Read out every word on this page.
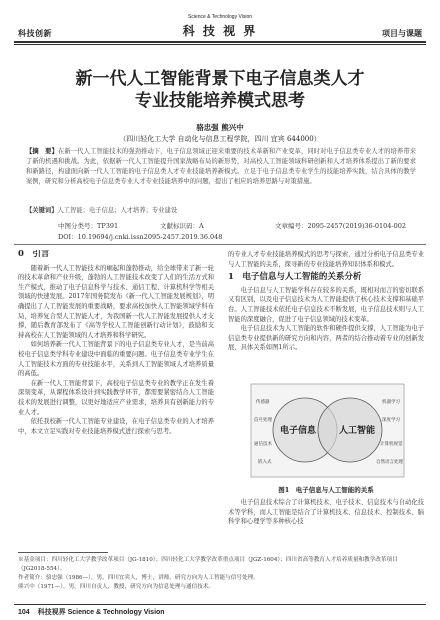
科技创新
Science & Technology Vision
科 技 视 界	项目与课题
新一代人工智能背景下电子信息类人才
专业技能培养模式思考
骆忠强 熊兴中
（四川轻化工大学 自动化与信息工程学院，四川 宜宾 644000）
【摘　要】在新一代人工智能技术的强劲推动下，电子信息领域正迎来重要的技术革新和产业变革，同时对电子信息类专业人才的培养带来了新的机遇和挑战。为此，依据新一代人工智能提升国家战略布局的新形势，对高校人工智能领域科研创新和人才培养体系提出了新的要求和新路径，构建面向新一代人工智能的电子信息类人才专业技能培养新模式。立足于电子信息类专业学生的技能培养实践，结合具体的教学案例，研究和分析高校电子信息类专业人才专业技能培养中的问题，提出了相应的培养思路与对策措施。
【关键词】人工智能；电子信息；人才培养；专业建设
中图分类号：TP391	文献标识码：A	文章编号：2095-2457(2019)36-0104-002
DOI：10.19694/j.cnki.issn2095-2457.2019.36.048
0　引言

随着新一代人工智能技术的崛起和蓬勃推动，给全球带来了新一轮的技术革命和产业升级，蓬勃的人工智能技术改变了人们的生活方式和生产模式，推动了电子信息科学与技术、通信工程、计算机科学等相关领域的快速发展。2017年国务院发布《新一代人工智能发展规划》，明确提出了人工智能发展的重要战略，要求高校加快人工智能领域学科布局，培养复合型人工智能人才，为我国新一代人工智能发展提供人才支撑，随后教育部发布了《高等学校人工智能创新行动计划》，鼓励和支持高校在人工智能领域的人才培养和科学研究。

如何培养新一代人工智能背景下的电子信息类专业人才，是当前高校电子信息类学科专业建设中面临的重要问题。电子信息类专业学生在人工智能技术方面的专业技能水平，关系到人工智能领域人才培养质量的高低。

在新一代人工智能背景下，高校电子信息类专业的教学正在发生着深刻变革，从课程体系设计到实践教学环节，都需要紧密结合人工智能技术的发展进行调整，以更好地适应产业需求，培养具有创新能力的专业人才。

依托我校新一代人工智能专业建设，在电子信息类专业的人才培养中，本文立足实践对专业技能培养模式进行探索与思考。

的专业人才专业技能培养模式的思考与探索，通过分析电子信息类专业与人工智能的关系，探寻新的专业技能培养知识体系和模式。

1　电子信息与人工智能的关系分析

电子信息与人工智能学科存在较多的关系，既相对而言的密切联系又有区别，以及电子信息技术为人工智能提供了核心技术支撑和基础平台。人工智能技术依托电子信息技术不断发展，电子信息技术则与人工智能的深度融合，促进了电子信息领域的技术变革。

电子信息技术为人工智能的软件和硬件提供支撑，人工智能为电子信息类专业提供新的研究方向和内容，两者的结合推动着专业的创新发展，具体关系如图1所示。

电子信息	人工智能
传感器
信号处理
通信技术
嵌入式
机器学习
深度学习
计算机视觉
自然语言处理
图1　电子信息与人工智能的关系

电子信息技术综合了计算机技术、电子技术、信息技术与自动化技术等学科，而人工智能是结合了计算机技术、信息技术、控制技术、脑科学和心理学等多种核心技

※基金项目：四川轻化工大学教学改革项目（JG-1810）；四川轻化工大学教学改革重点项目（JGZ-1604）；四川省高等教育人才培养质量和教学改革项目（JG2018-554）。
作者简介：骆忠强（1986—），男，四川宜宾人，博士，讲师，研究方向为人工智能与信号处理。
熊兴中（1971—），男，四川自贡人，教授，研究方向为信息处理与通信技术。
104 科技视界 Science & Technology Vision
